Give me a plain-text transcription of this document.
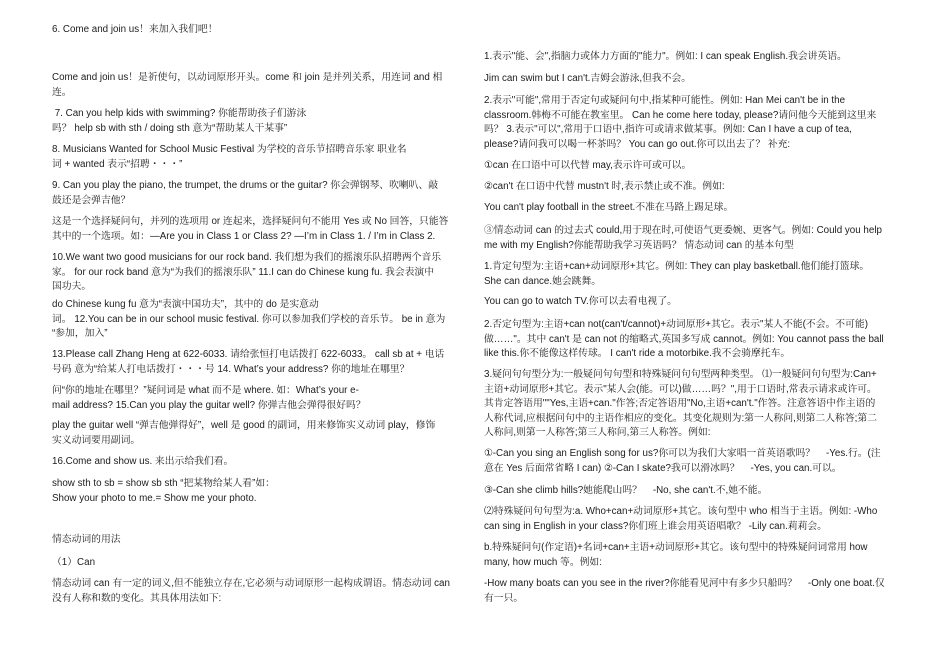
6. Come and join us！来加入我们吧！
Come and join us！是祈使句，以动词原形开头。come 和 join 是并列关系，用连词 and 相
连。
7. Can you help kids with swimming? 你能帮助孩子们游泳
吗？ help sb with sth / doing sth 意为“帮助某人干某事”
8. Musicians Wanted for School Music Festival 为学校的音乐节招聘音乐家 职业名
词 + wanted 表示“招聘・・・”
9. Can you play the piano, the trumpet, the drums or the guitar? 你会弹钢琴、吹喇叭、敲
鼓还是会弹吉他？
这是一个选择疑问句，并列的选项用 or 连起来，选择疑问句不能用 Yes 或 No 回答，只能答
其中的一个选项。如：—Are you in Class 1 or Class 2? —I’m in Class 1. / I’m in Class 2.
10.We want two good musicians for our rock band. 我们想为我们的摇滚乐队招聘两个音乐
家。 for our rock band 意为“为我们的摇滚乐队” 11.I can do Chinese kung fu. 我会表演中
国功夫。
do Chinese kung fu 意为“表演中国功夫”，其中的 do 是实意动
词。 12.You can be in our school music festival. 你可以参加我们学校的音乐节。 be in 意为
“参加，加入”
13.Please call Zhang Heng at 622-6033. 请给张恒打电话拨打 622-6033。 call sb at + 电话
号码 意为“给某人打电话拨打・・・号 14. What’s your address? 你的地址在哪里？
问“你的地址在哪里？”疑问词是 what 而不是 where. 如：What’s your e-
mail address? 15.Can you play the guitar well? 你弹吉他会弹得很好吗？
play the guitar well “弹吉他弹得好”，well 是 good 的副词，用来修饰实义动词 play，修饰
实义动词要用副词。
16.Come and show us. 来出示给我们看。
show sth to sb = show sb sth “把某物给某人看”如：
Show your photo to me.= Show me your photo.
情态动词的用法
（1）Can
情态动词 can 有一定的词义,但不能独立存在,它必须与动词原形一起构成谓语。情态动词 can
没有人称和数的变化。其具体用法如下:
1.表示"能、会",指脑力或体力方面的"能力"。例如: I can speak English.我会讲英语。
Jim can swim but I can't.吉姆会游泳,但我不会。
2.表示"可能",常用于否定句或疑问句中,指某种可能性。例如: Han Mei can't be in the
classroom.韩梅不可能在教室里。 Can he come here today, please?请问他今天能到这里来
吗？ 3.表示"可以",常用于口语中,指许可或请求做某事。例如: Can I have a cup of tea,
please?请问我可以喝一杯茶吗？ You can go out.你可以出去了？ 补充:
①can 在口语中可以代替 may,表示许可或可以。
②can't 在口语中代替 mustn't 时,表示禁止或不准。例如:
You can't play football in the street.不准在马路上踢足球。
③情态动词 can 的过去式 could,用于现在时,可使语气更委婉、更客气。例如: Could you help
me with my English?你能帮助我学习英语吗？ 情态动词 can 的基本句型
1.肯定句型为:主语+can+动词原形+其它。例如: They can play basketball.他们能打篮球。
She can dance.她会跳舞。
You can go to watch TV.你可以去看电视了。
2.否定句型为:主语+can not(can't/cannot)+动词原形+其它。表示"某人不能(不会。不可能)
做……"。其中 can't 是 can not 的缩略式,英国多写成 cannot。例如: You cannot pass the ball
like this.你不能像这样传球。 I can't ride a motorbike.我不会骑摩托车。
3.疑问句句型分为:一般疑问句句型和特殊疑问句句型两种类型。 ⑴一般疑问句句型为:Can+
主语+动词原形+其它。表示"某人会(能。可以)做……吗？",用于口语时,常表示请求或许可。
其肯定答语用""Yes,主语+can."作答;否定答语用"No,主语+can't."作答。注意答语中作主语的
人称代词,应根据问句中的主语作相应的变化。其变化规则为:第一人称问,则第二人称答;第二
人称问,则第一人称答;第三人称问,第三人称答。例如:
①-Can you sing an English song for us?你可以为我们大家唱一首英语歌吗？    -Yes.行。(注
意在 Yes 后面常省略 I can) ②-Can I skate?我可以滑冰吗？    -Yes, you can.可以。
③-Can she climb hills?她能爬山吗？    -No, she can't.不,她不能。
⑵特殊疑问句句型为:a. Who+can+动词原形+其它。该句型中 who 相当于主语。例如: -Who
can sing in English in your class?你们班上谁会用英语唱歌？ -Lily can.莉莉会。
b.特殊疑问句(作定语)+名词+can+主语+动词原形+其它。该句型中的特殊疑问词常用 how
many, how much 等。例如:
-How many boats can you see in the river?你能看见河中有多少只船吗？    -Only one boat.仅
有一只。
